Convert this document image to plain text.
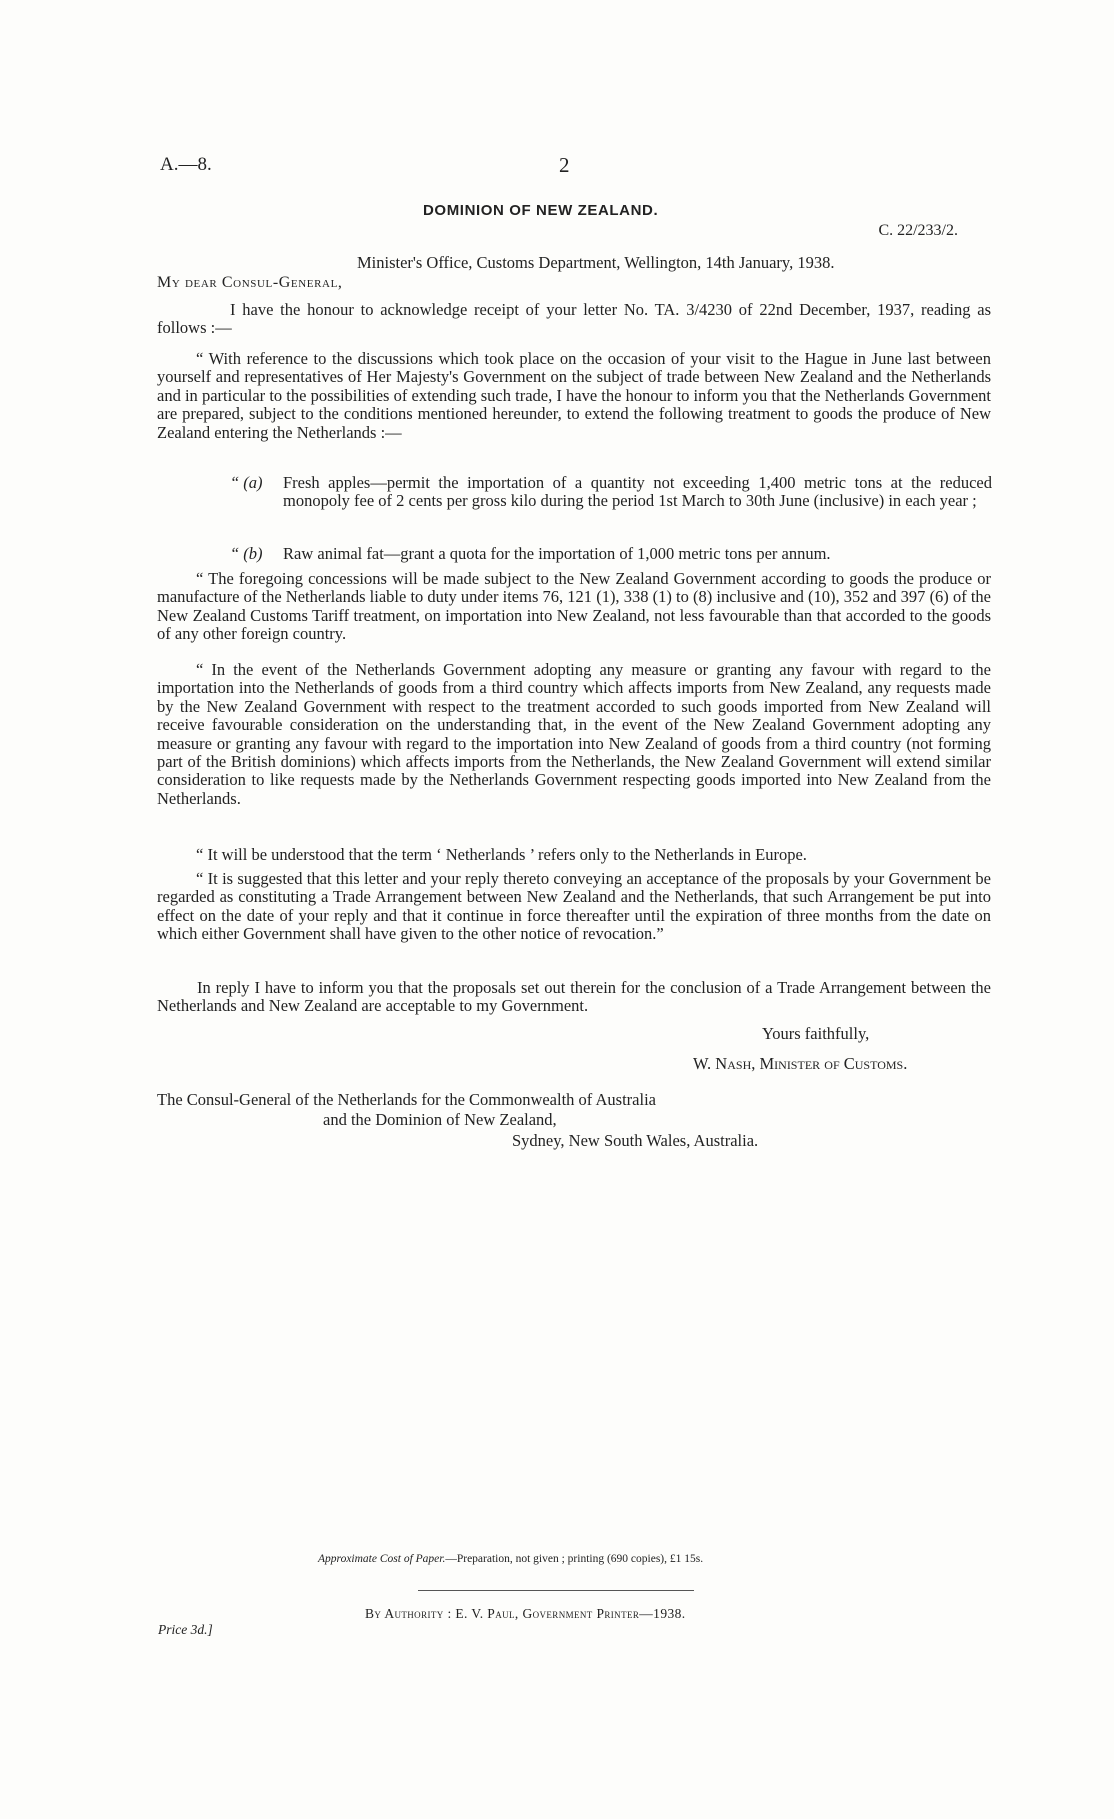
A.—8.	2
DOMINION OF NEW ZEALAND.
C. 22/233/2.
Minister's Office, Customs Department, Wellington, 14th January, 1938.
My dear Consul-General,
I have the honour to acknowledge receipt of your letter No. TA. 3/4230 of 22nd December, 1937, reading as follows :—
“ With reference to the discussions which took place on the occasion of your visit to the Hague in June last between yourself and representatives of Her Majesty's Government on the subject of trade between New Zealand and the Netherlands and in particular to the possibilities of extending such trade, I have the honour to inform you that the Netherlands Government are prepared, subject to the conditions mentioned hereunder, to extend the following treatment to goods the produce of New Zealand entering the Netherlands :—
“ (a) Fresh apples—permit the importation of a quantity not exceeding 1,400 metric tons at the reduced monopoly fee of 2 cents per gross kilo during the period 1st March to 30th June (inclusive) in each year ;
“ (b) Raw animal fat—grant a quota for the importation of 1,000 metric tons per annum.
“ The foregoing concessions will be made subject to the New Zealand Government according to goods the produce or manufacture of the Netherlands liable to duty under items 76, 121 (1), 338 (1) to (8) inclusive and (10), 352 and 397 (6) of the New Zealand Customs Tariff treatment, on importation into New Zealand, not less favourable than that accorded to the goods of any other foreign country.
“ In the event of the Netherlands Government adopting any measure or granting any favour with regard to the importation into the Netherlands of goods from a third country which affects imports from New Zealand, any requests made by the New Zealand Government with respect to the treatment accorded to such goods imported from New Zealand will receive favourable consideration on the understanding that, in the event of the New Zealand Government adopting any measure or granting any favour with regard to the importation into New Zealand of goods from a third country (not forming part of the British dominions) which affects imports from the Netherlands, the New Zealand Government will extend similar consideration to like requests made by the Netherlands Government respecting goods imported into New Zealand from the Netherlands.
“ It will be understood that the term ‘ Netherlands ’ refers only to the Netherlands in Europe.
“ It is suggested that this letter and your reply thereto conveying an acceptance of the proposals by your Government be regarded as constituting a Trade Arrangement between New Zealand and the Netherlands, that such Arrangement be put into effect on the date of your reply and that it continue in force thereafter until the expiration of three months from the date on which either Government shall have given to the other notice of revocation.”
In reply I have to inform you that the proposals set out therein for the conclusion of a Trade Arrangement between the Netherlands and New Zealand are acceptable to my Government.
Yours faithfully,
W. Nash, Minister of Customs.
The Consul-General of the Netherlands for the Commonwealth of Australia
and the Dominion of New Zealand,
Sydney, New South Wales, Australia.
Approximate Cost of Paper.—Preparation, not given ; printing (690 copies), £1 15s.
By Authority : E. V. Paul, Government Printer—1938.
Price 3d.]
